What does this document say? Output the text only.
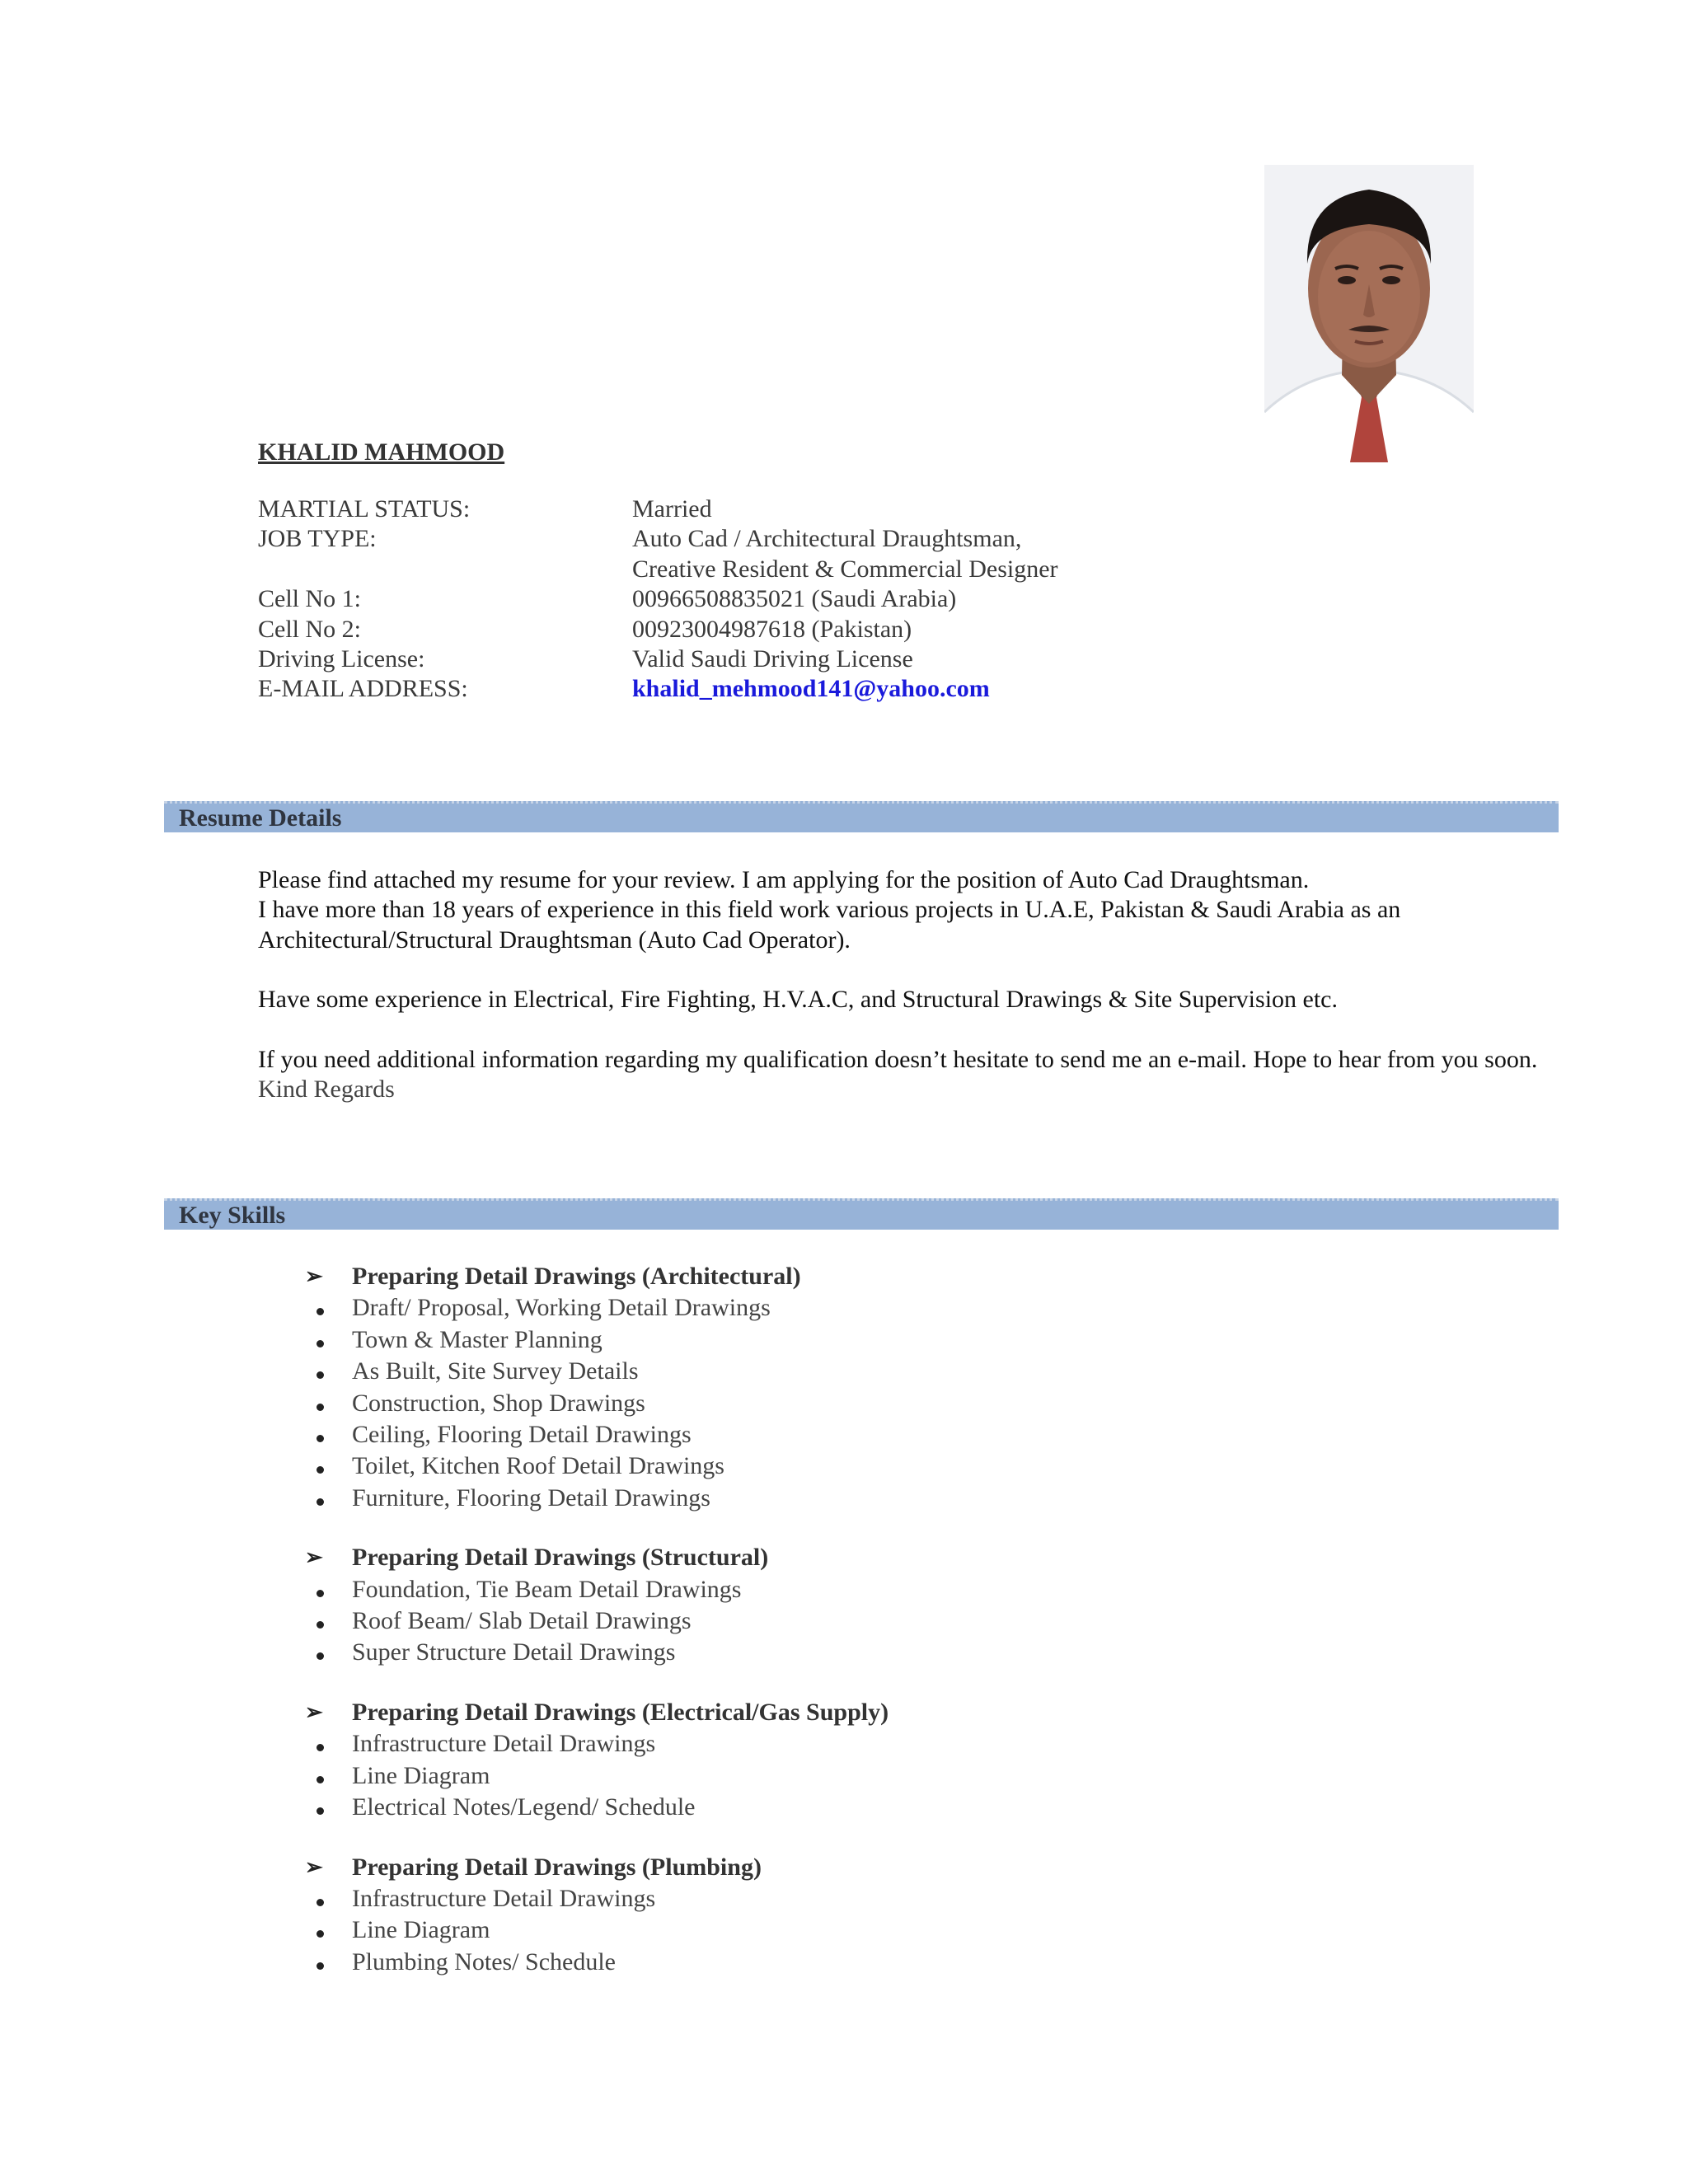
KHALID MAHMOOD
MARTIAL STATUS:	Married
JOB TYPE:	Auto Cad / Architectural Draughtsman,
Creative Resident & Commercial Designer
Cell No 1:	00966508835021 (Saudi Arabia)
Cell No 2:	00923004987618 (Pakistan)
Driving License:	Valid Saudi Driving License
E-MAIL ADDRESS:	khalid_mehmood141@yahoo.com
Resume Details

Please find attached my resume for your review. I am applying for the position of Auto Cad Draughtsman.

I have more than 18 years of experience in this field work various projects in U.A.E, Pakistan & Saudi Arabia as an Architectural/Structural Draughtsman (Auto Cad Operator).

Have some experience in Electrical, Fire Fighting, H.V.A.C, and Structural Drawings & Site Supervision etc.

If you need additional information regarding my qualification doesn’t hesitate to send me an e-mail. Hope to hear from you soon.

Kind Regards

Key Skills
➢	Preparing Detail Drawings (Architectural)
Draft/ Proposal, Working Detail Drawings
Town & Master Planning
As Built, Site Survey Details
Construction, Shop Drawings
Ceiling, Flooring Detail Drawings
Toilet, Kitchen Roof Detail Drawings
Furniture, Flooring Detail Drawings
➢	Preparing Detail Drawings (Structural)
Foundation, Tie Beam Detail Drawings
Roof Beam/ Slab Detail Drawings
Super Structure Detail Drawings
➢	Preparing Detail Drawings (Electrical/Gas Supply)
Infrastructure Detail Drawings
Line Diagram
Electrical Notes/Legend/ Schedule
➢	Preparing Detail Drawings (Plumbing)
Infrastructure Detail Drawings
Line Diagram
Plumbing Notes/ Schedule
